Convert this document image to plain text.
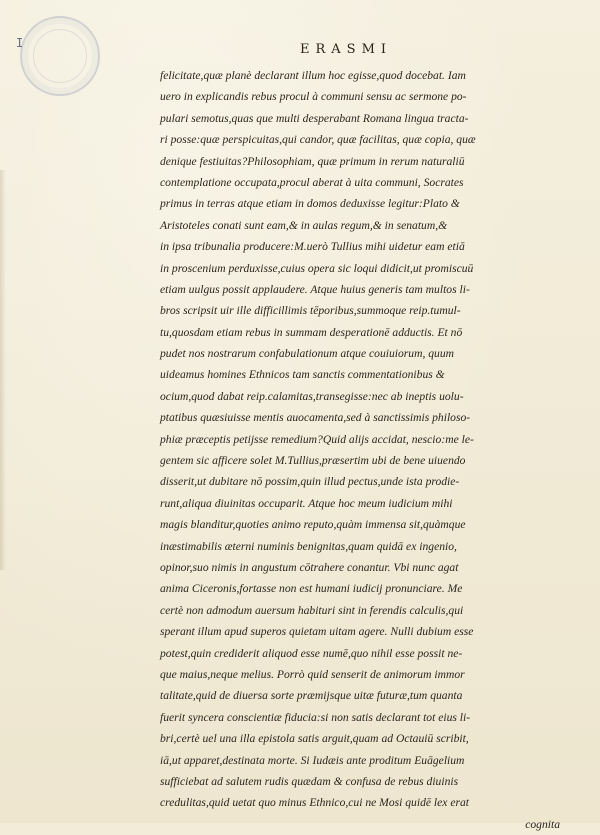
I	ERASMI
felicitate,quæ planè declarant illum hoc egisse,quod docebat. Iam
uero in explicandis rebus procul à communi sensu ac sermone po-
pulari semotus,quas que multi desperabant Romana lingua tracta-
ri posse:quæ perspicuitas,qui candor, quæ facilitas, quæ copia, quæ
denique festiuitas?Philosophiam, quæ primum in rerum naturaliū
contemplatione occupata,procul aberat à uita communi, Socrates
primus in terras atque etiam in domos deduxisse legitur:Plato &
Aristoteles conati sunt eam,& in aulas regum,& in senatum,&
in ipsa tribunalia producere:M.uerò Tullius mihi uidetur eam etiā
in proscenium perduxisse,cuius opera sic loqui didicit,ut promiscuū
etiam uulgus possit applaudere. Atque huius generis tam multos li-
bros scripsit uir ille difficillimis tēporibus,summoque reip.tumul-
tu,quosdam etiam rebus in summam desperationē adductis. Et nō
pudet nos nostrarum confabulationum atque couiuiorum, quum
uideamus homines Ethnicos tam sanctis commentationibus &
ocium,quod dabat reip.calamitas,transegisse:nec ab ineptis uolu-
ptatibus quæsiuisse mentis auocamenta,sed à sanctissimis philoso-
phiæ præceptis petijsse remedium?Quid alijs accidat, nescio:me le-
gentem sic afficere solet M.Tullius,præsertim ubi de bene uiuendo
disserit,ut dubitare nō possim,quin illud pectus,unde ista prodie-
runt,aliqua diuinitas occuparit. Atque hoc meum iudicium mihi
magis blanditur,quoties animo reputo,quàm immensa sit,quàmque
inæstimabilis æterni numinis benignitas,quam quidā ex ingenio,
opinor,suo nimis in angustum cōtrahere conantur. Vbi nunc agat
anima Ciceronis,fortasse non est humani iudicij pronunciare. Me
certè non admodum auersum habituri sint in ferendis calculis,qui
sperant illum apud superos quietam uitam agere. Nulli dubium esse
potest,quin crediderit aliquod esse numē,quo nihil esse possit ne-
que maius,neque melius. Porrò quid senserit de animorum immor
talitate,quid de diuersa sorte præmijsque uitæ futuræ,tum quanta
fuerit syncera conscientiæ fiducia:si non satis declarant tot eius li-
bri,certè uel una illa epistola satis arguit,quam ad Octauiū scribit,
iā,ut apparet,destinata morte. Si Iudæis ante proditum Euāgelium
sufficiebat ad salutem rudis quædam & confusa de rebus diuinis
credulitas,quid uetat quo minus Ethnico,cui ne Mosi quidē lex erat
cognita
